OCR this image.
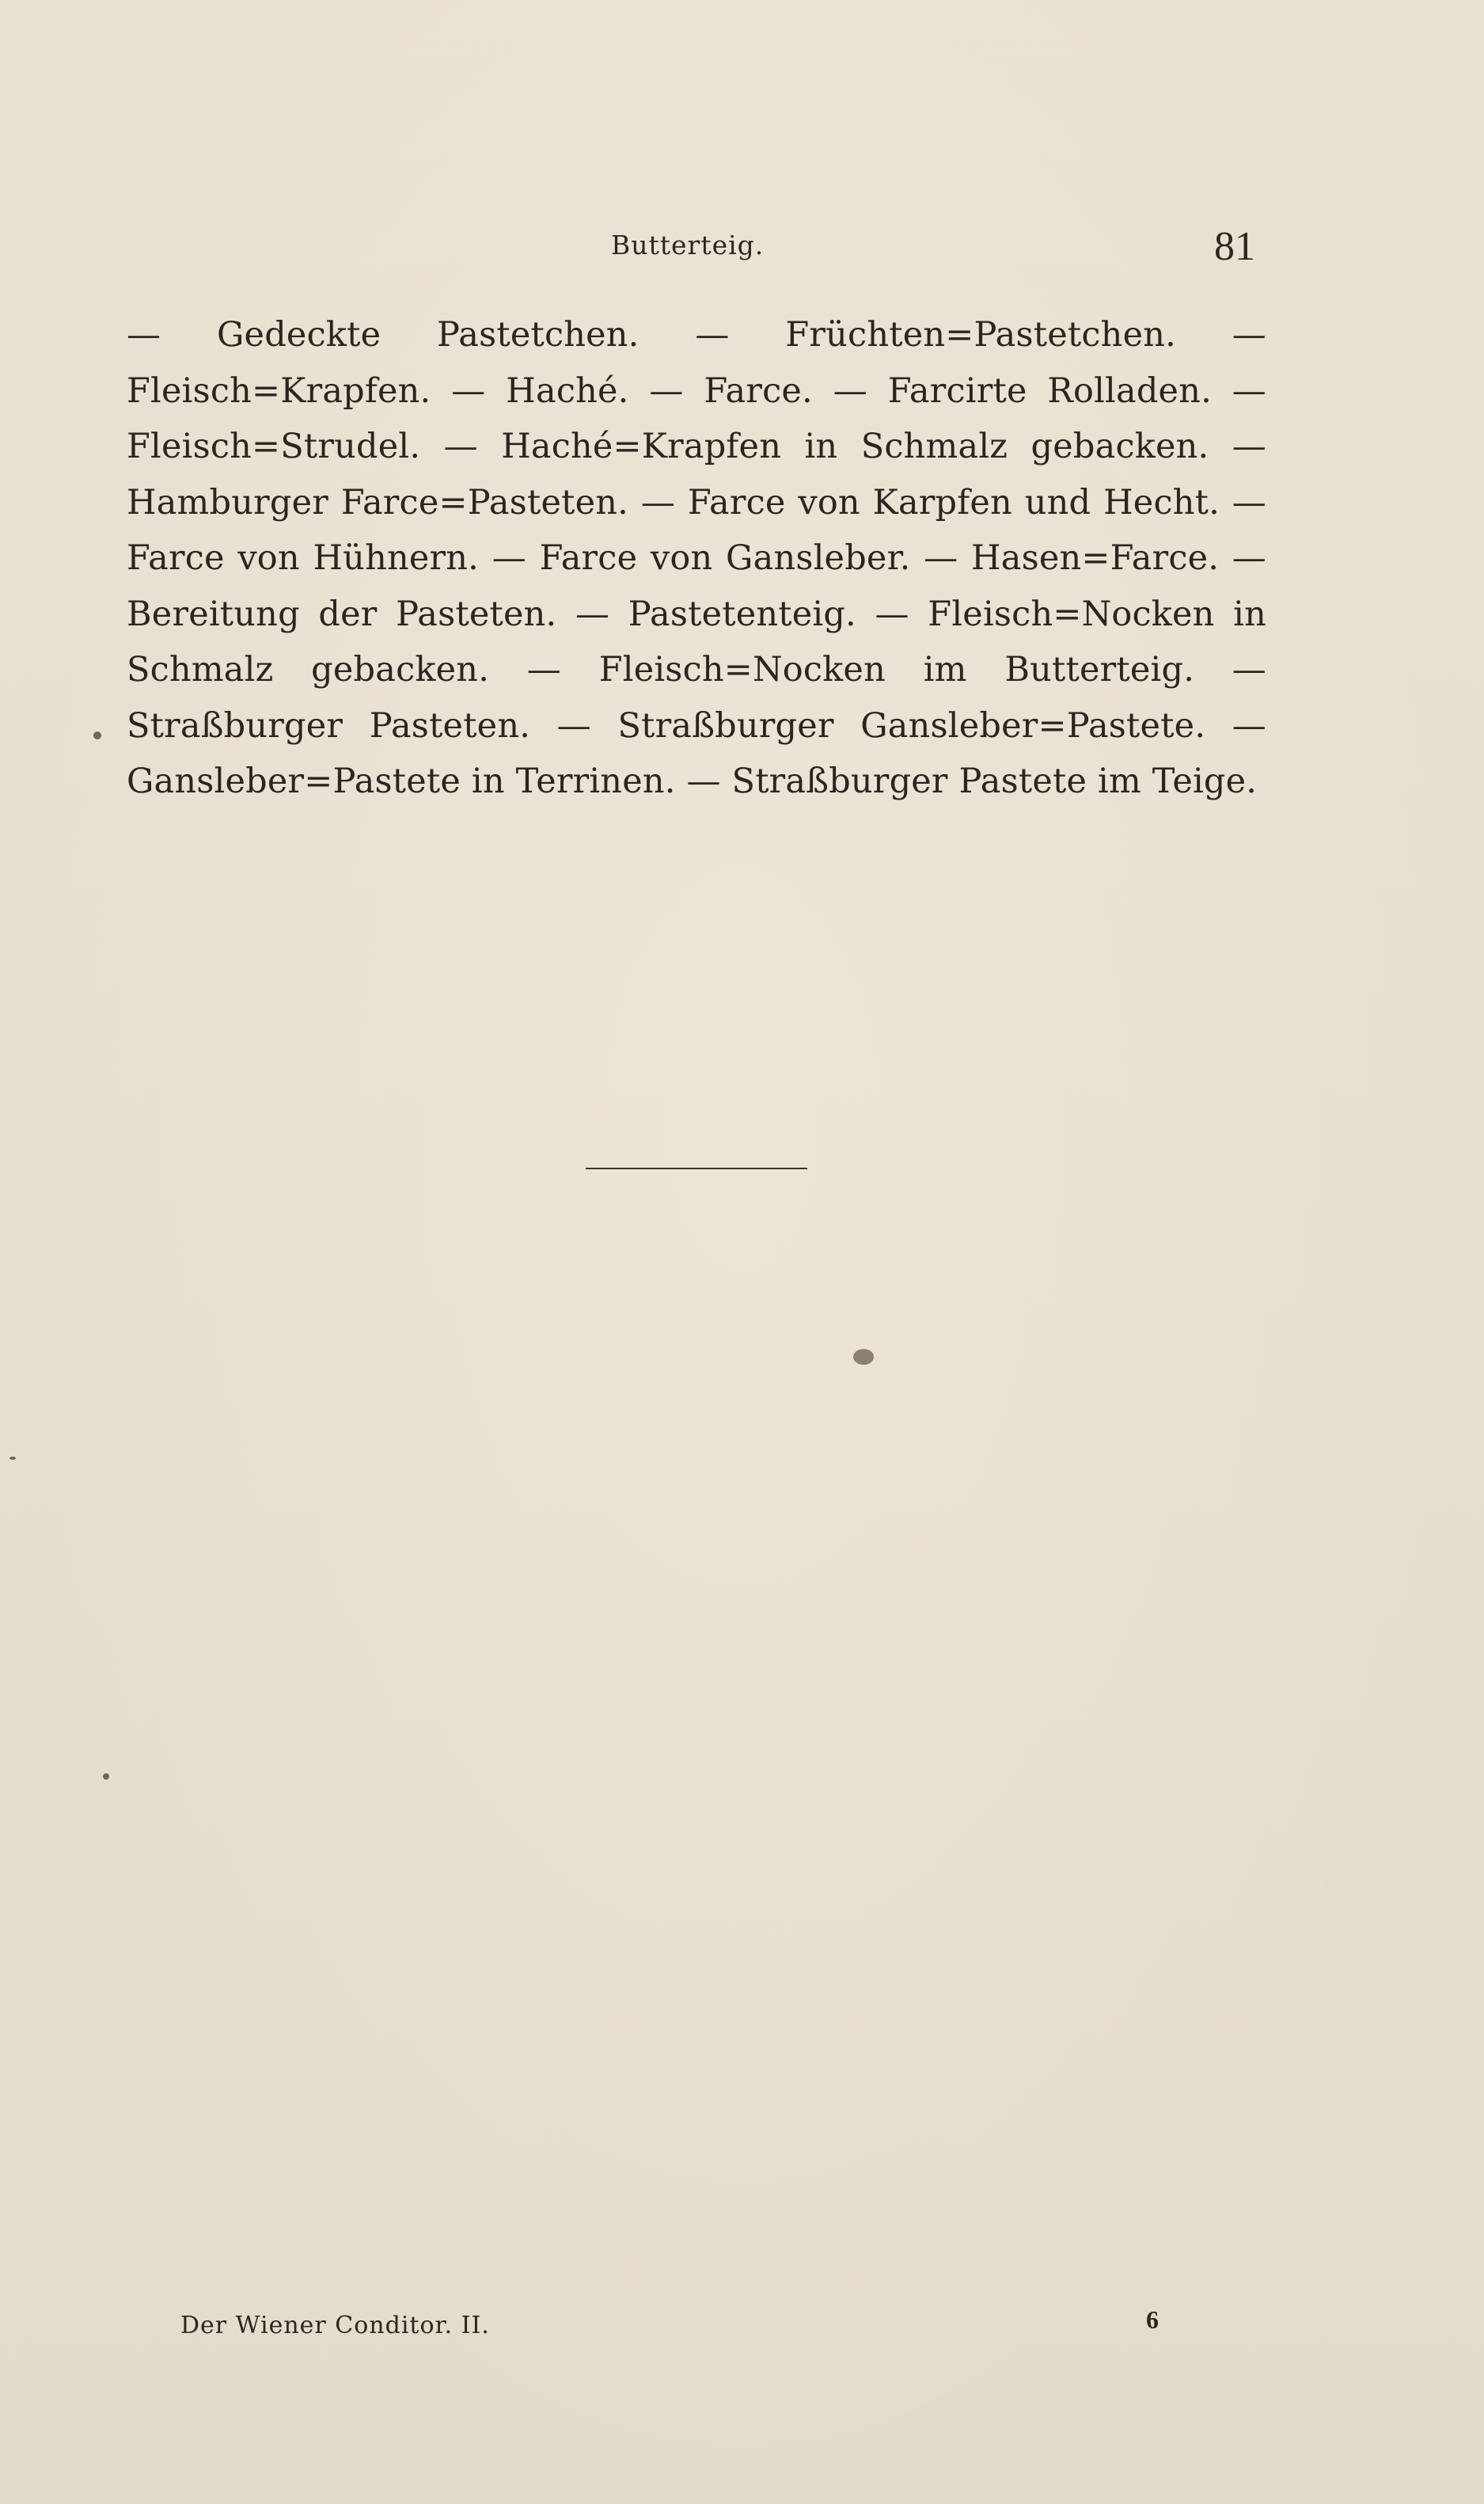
Butterteig.	81
— Gedeckte Pastetchen. — Früchten=Pastetchen. — Fleisch=Krapfen. — Haché. — Farce. — Farcirte Rolladen. — Fleisch=Strudel. — Haché=Krapfen in Schmalz gebacken. — Hamburger Farce=Pasteten. — Farce von Karpfen und Hecht. — Farce von Hühnern. — Farce von Gansleber. — Hasen=Farce. — Bereitung der Pasteten. — Pastetenteig. — Fleisch=Nocken in Schmalz gebacken. — Fleisch=Nocken im Butterteig. — Straßburger Pasteten. — Straßburger Gansleber=Pastete. — Gansleber=Pastete in Terrinen. — Straßburger Pastete im Teige.
Der Wiener Conditor. II.	6
